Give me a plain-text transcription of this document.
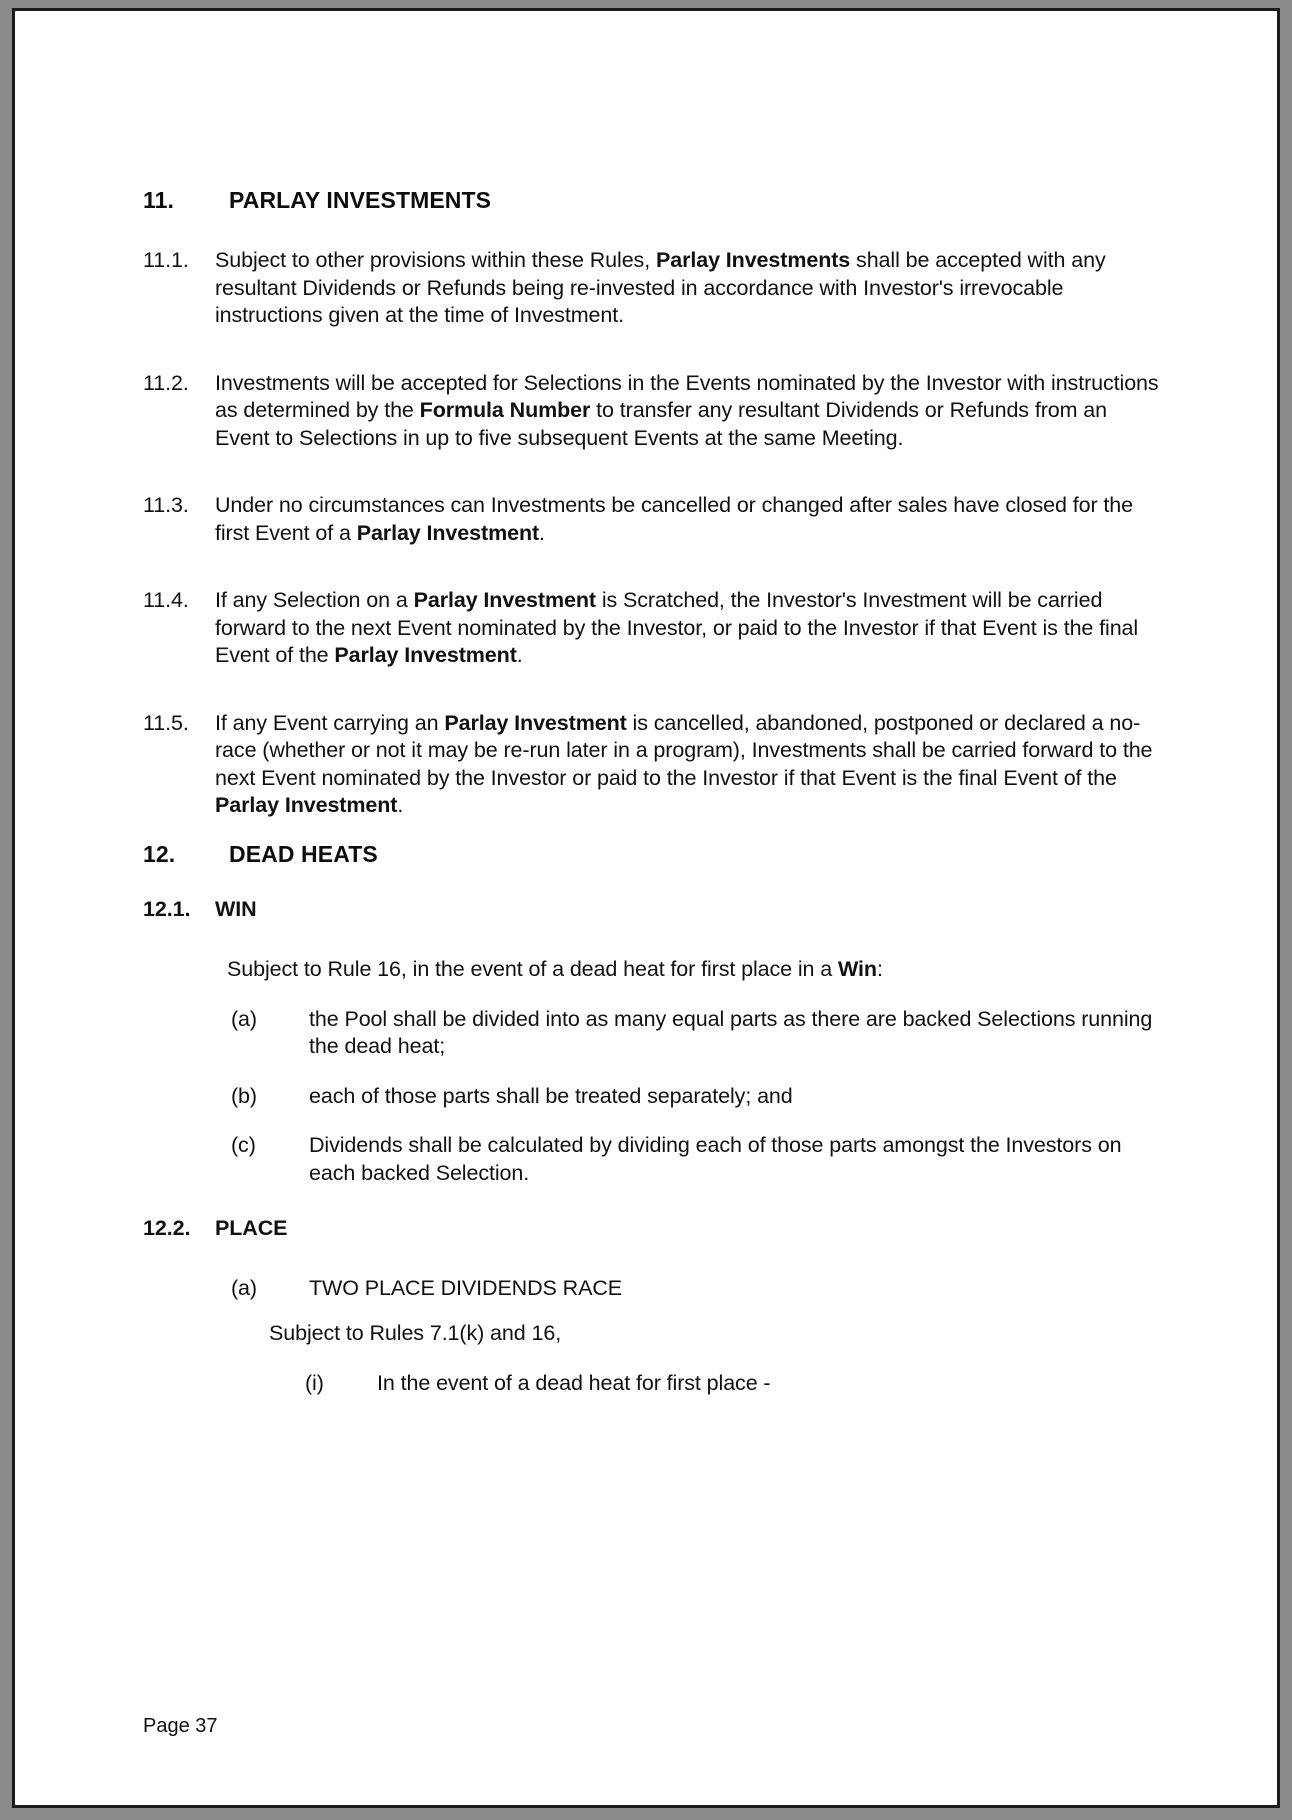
11.	PARLAY INVESTMENTS
11.1.	Subject to other provisions within these Rules, Parlay Investments shall be accepted with any resultant Dividends or Refunds being re-invested in accordance with Investor's irrevocable instructions given at the time of Investment.
11.2.	Investments will be accepted for Selections in the Events nominated by the Investor with instructions as determined by the Formula Number to transfer any resultant Dividends or Refunds from an Event to Selections in up to five subsequent Events at the same Meeting.
11.3.	Under no circumstances can Investments be cancelled or changed after sales have closed for the first Event of a Parlay Investment.
11.4.	If any Selection on a Parlay Investment is Scratched, the Investor's Investment will be carried forward to the next Event nominated by the Investor, or paid to the Investor if that Event is the final Event of the Parlay Investment.
11.5.	If any Event carrying an Parlay Investment is cancelled, abandoned, postponed or declared a no-race (whether or not it may be re-run later in a program), Investments shall be carried forward to the next Event nominated by the Investor or paid to the Investor if that Event is the final Event of the Parlay Investment.
12.	DEAD HEATS
12.1.	WIN
Subject to Rule 16, in the event of a dead heat for first place in a Win:
(a)	the Pool shall be divided into as many equal parts as there are backed Selections running the dead heat;
(b)	each of those parts shall be treated separately; and
(c)	Dividends shall be calculated by dividing each of those parts amongst the Investors on each backed Selection.
12.2.	PLACE
(a)	TWO PLACE DIVIDENDS RACE
Subject to Rules 7.1(k) and 16,
(i)	In the event of a dead heat for first place -
Page 37
